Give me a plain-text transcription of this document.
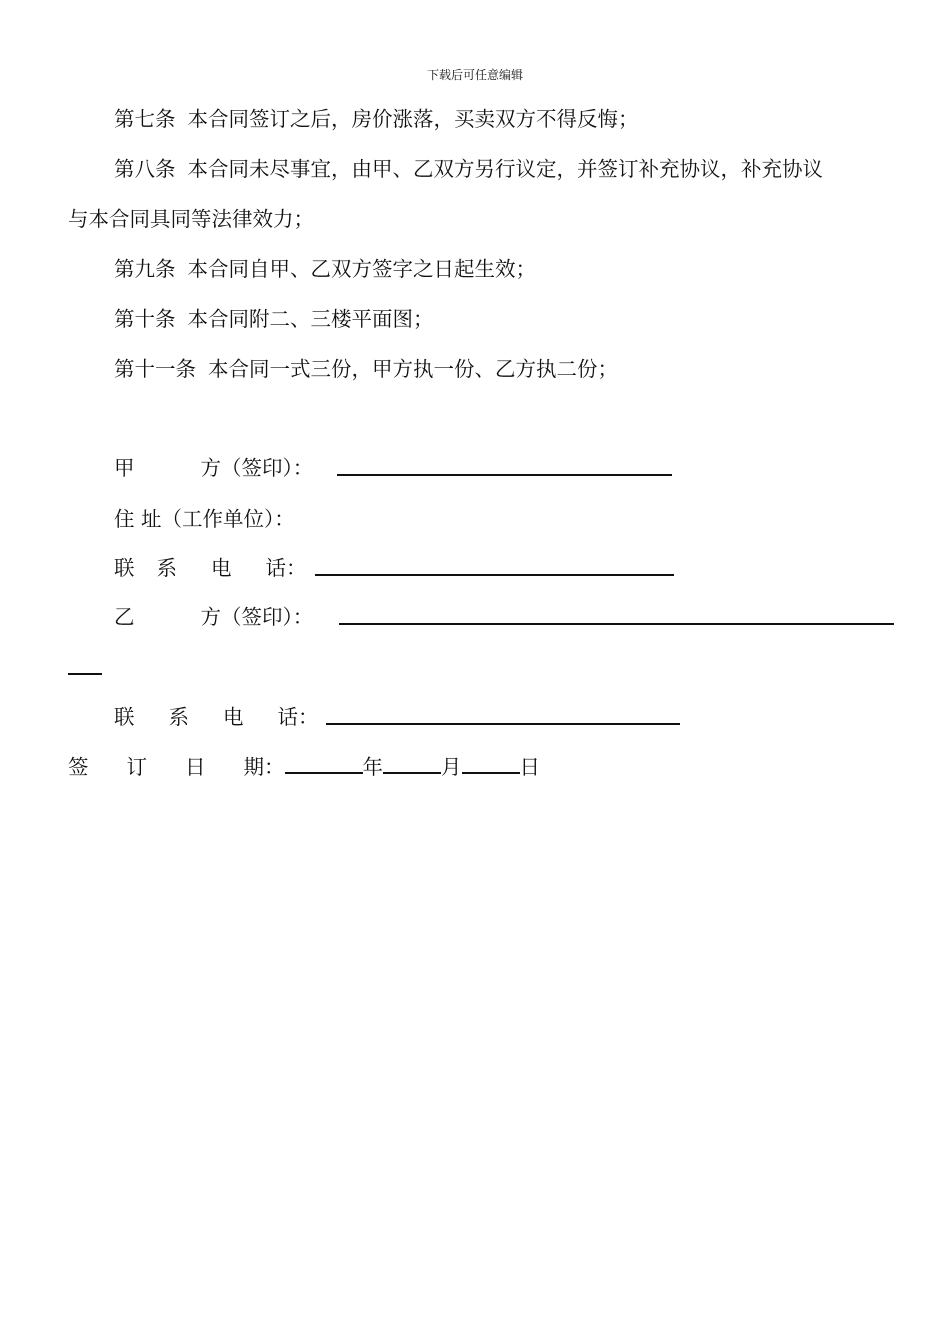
下载后可任意编辑
第七条 本合同签订之后，房价涨落，买卖双方不得反悔；
第八条 本合同未尽事宜，由甲、乙双方另行议定，并签订补充协议，补充协议
与本合同具同等法律效力；
第九条 本合同自甲、乙双方签字之日起生效；
第十条 本合同附二、三楼平面图；
第十一条 本合同一式三份，甲方执一份、乙方执二份；
甲	方（签印）：
住 址（工作单位）：
联 系 电 话：
乙	方（签印）：
联 系 电 话：
签 订 日 期：	年	月	日
